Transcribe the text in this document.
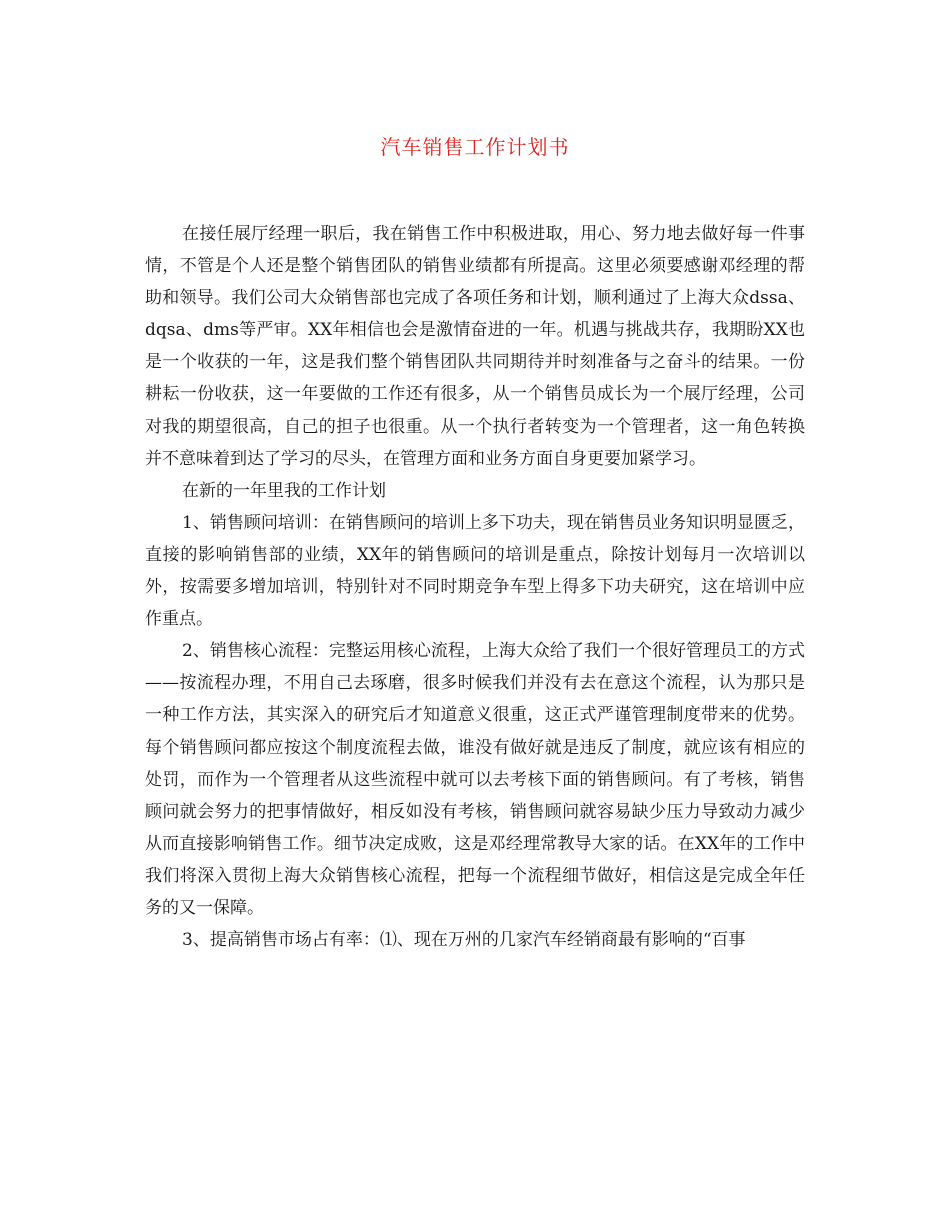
汽车销售工作计划书

在接任展厅经理一职后，我在销售工作中积极进取，用心、努力地去做好每一件事情，不管是个人还是整个销售团队的销售业绩都有所提高。这里必须要感谢邓经理的帮助和领导。我们公司大众销售部也完成了各项任务和计划，顺利通过了上海大众dssa、dqsa、dms等严审。XX年相信也会是激情奋进的一年。机遇与挑战共存，我期盼XX也是一个收获的一年，这是我们整个销售团队共同期待并时刻准备与之奋斗的结果。一份耕耘一份收获，这一年要做的工作还有很多，从一个销售员成长为一个展厅经理，公司对我的期望很高，自己的担子也很重。从一个执行者转变为一个管理者，这一角色转换并不意味着到达了学习的尽头，在管理方面和业务方面自身更要加紧学习。

在新的一年里我的工作计划

1、销售顾问培训：在销售顾问的培训上多下功夫，现在销售员业务知识明显匮乏，直接的影响销售部的业绩，XX年的销售顾问的培训是重点，除按计划每月一次培训以外，按需要多增加培训，特别针对不同时期竞争车型上得多下功夫研究，这在培训中应作重点。

2、销售核心流程：完整运用核心流程，上海大众给了我们一个很好管理员工的方式——按流程办理，不用自己去琢磨，很多时候我们并没有去在意这个流程，认为那只是一种工作方法，其实深入的研究后才知道意义很重，这正式严谨管理制度带来的优势。每个销售顾问都应按这个制度流程去做，谁没有做好就是违反了制度，就应该有相应的处罚，而作为一个管理者从这些流程中就可以去考核下面的销售顾问。有了考核，销售顾问就会努力的把事情做好，相反如没有考核，销售顾问就容易缺少压力导致动力减少从而直接影响销售工作。细节决定成败，这是邓经理常教导大家的话。在XX年的工作中我们将深入贯彻上海大众销售核心流程，把每一个流程细节做好，相信这是完成全年任务的又一保障。

3、提高销售市场占有率：⑴、现在万州的几家汽车经销商最有影响的“百事
